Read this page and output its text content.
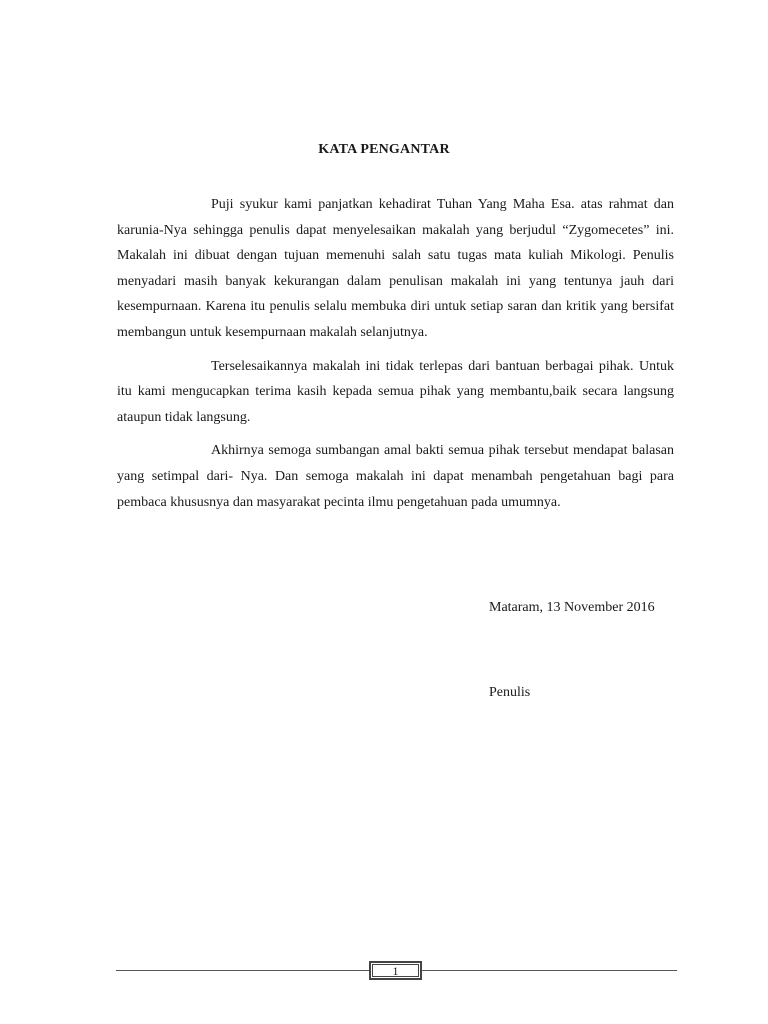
KATA PENGANTAR

Puji syukur kami panjatkan kehadirat Tuhan Yang Maha Esa. atas rahmat dan karunia-Nya sehingga penulis dapat menyelesaikan makalah yang berjudul “Zygomecetes” ini. Makalah ini dibuat dengan tujuan memenuhi salah satu tugas mata kuliah Mikologi. Penulis menyadari masih banyak kekurangan dalam penulisan makalah ini yang tentunya jauh dari kesempurnaan. Karena itu penulis selalu membuka diri untuk setiap saran dan kritik yang bersifat membangun untuk kesempurnaan makalah selanjutnya.

Terselesaikannya makalah ini tidak terlepas dari bantuan berbagai pihak. Untuk itu kami mengucapkan terima kasih kepada semua pihak yang membantu,baik secara langsung ataupun tidak langsung.

Akhirnya semoga sumbangan amal bakti semua pihak tersebut mendapat balasan yang setimpal dari- Nya. Dan semoga makalah ini dapat menambah pengetahuan bagi para pembaca khususnya dan masyarakat pecinta ilmu pengetahuan pada umumnya.

Mataram, 13 November 2016
Penulis
1
